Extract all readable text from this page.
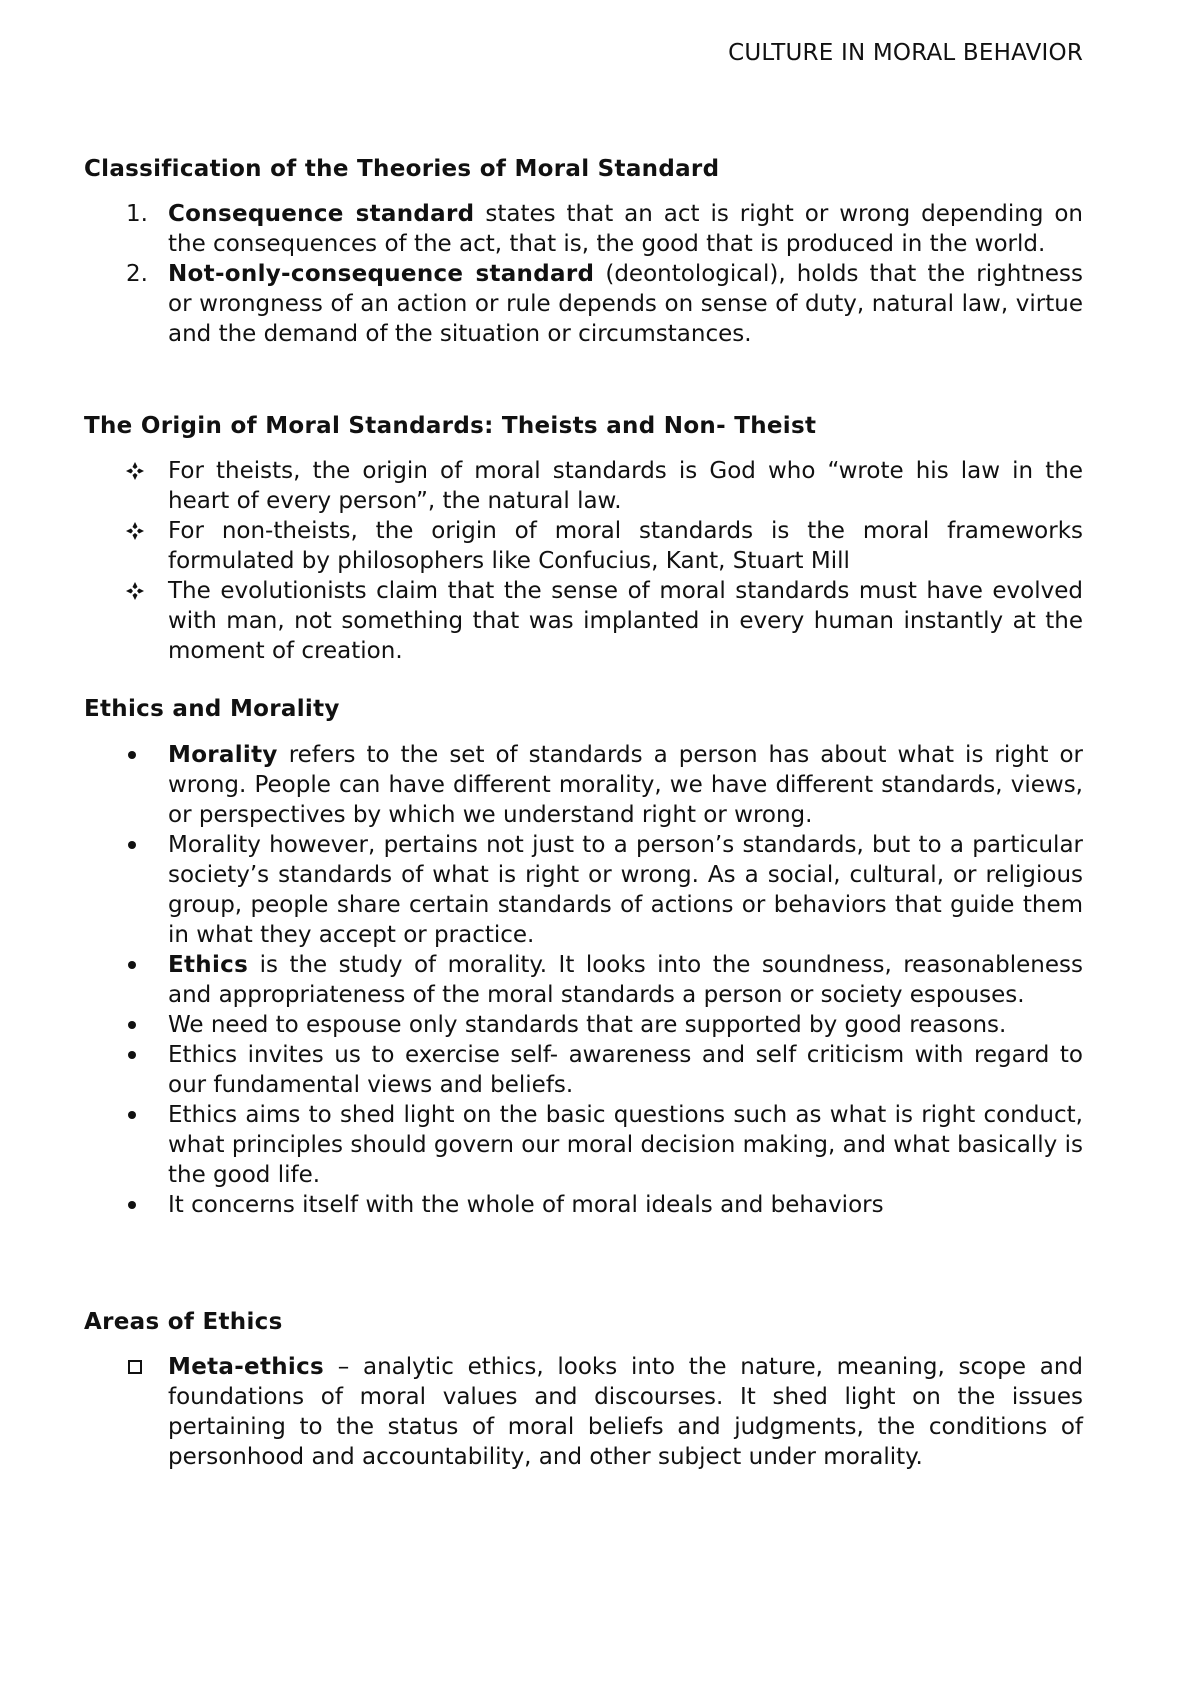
CULTURE IN MORAL BEHAVIOR
Classification of the Theories of Moral Standard
1. Consequence standard states that an act is right or wrong depending on the consequences of the act, that is, the good that is produced in the world.
2. Not-only-consequence standard (deontological), holds that the rightness or wrongness of an action or rule depends on sense of duty, natural law, virtue and the demand of the situation or circumstances.
The Origin of Moral Standards: Theists and Non- Theist
For theists, the origin of moral standards is God who “wrote his law in the heart of every person”, the natural law.
For non-theists, the origin of moral standards is the moral frameworks formulated by philosophers like Confucius, Kant, Stuart Mill
The evolutionists claim that the sense of moral standards must have evolved with man, not something that was implanted in every human instantly at the moment of creation.
Ethics and Morality
Morality refers to the set of standards a person has about what is right or wrong. People can have different morality, we have different standards, views, or perspectives by which we understand right or wrong.
Morality however, pertains not just to a person’s standards, but to a particular society’s standards of what is right or wrong. As a social, cultural, or religious group, people share certain standards of actions or behaviors that guide them in what they accept or practice.
Ethics is the study of morality. It looks into the soundness, reasonableness and appropriateness of the moral standards a person or society espouses.
We need to espouse only standards that are supported by good reasons.
Ethics invites us to exercise self- awareness and self criticism with regard to our fundamental views and beliefs.
Ethics aims to shed light on the basic questions such as what is right conduct, what principles should govern our moral decision making, and what basically is the good life.
It concerns itself with the whole of moral ideals and behaviors
Areas of Ethics
Meta-ethics – analytic ethics, looks into the nature, meaning, scope and foundations of moral values and discourses. It shed light on the issues pertaining to the status of moral beliefs and judgments, the conditions of personhood and accountability, and other subject under morality.
